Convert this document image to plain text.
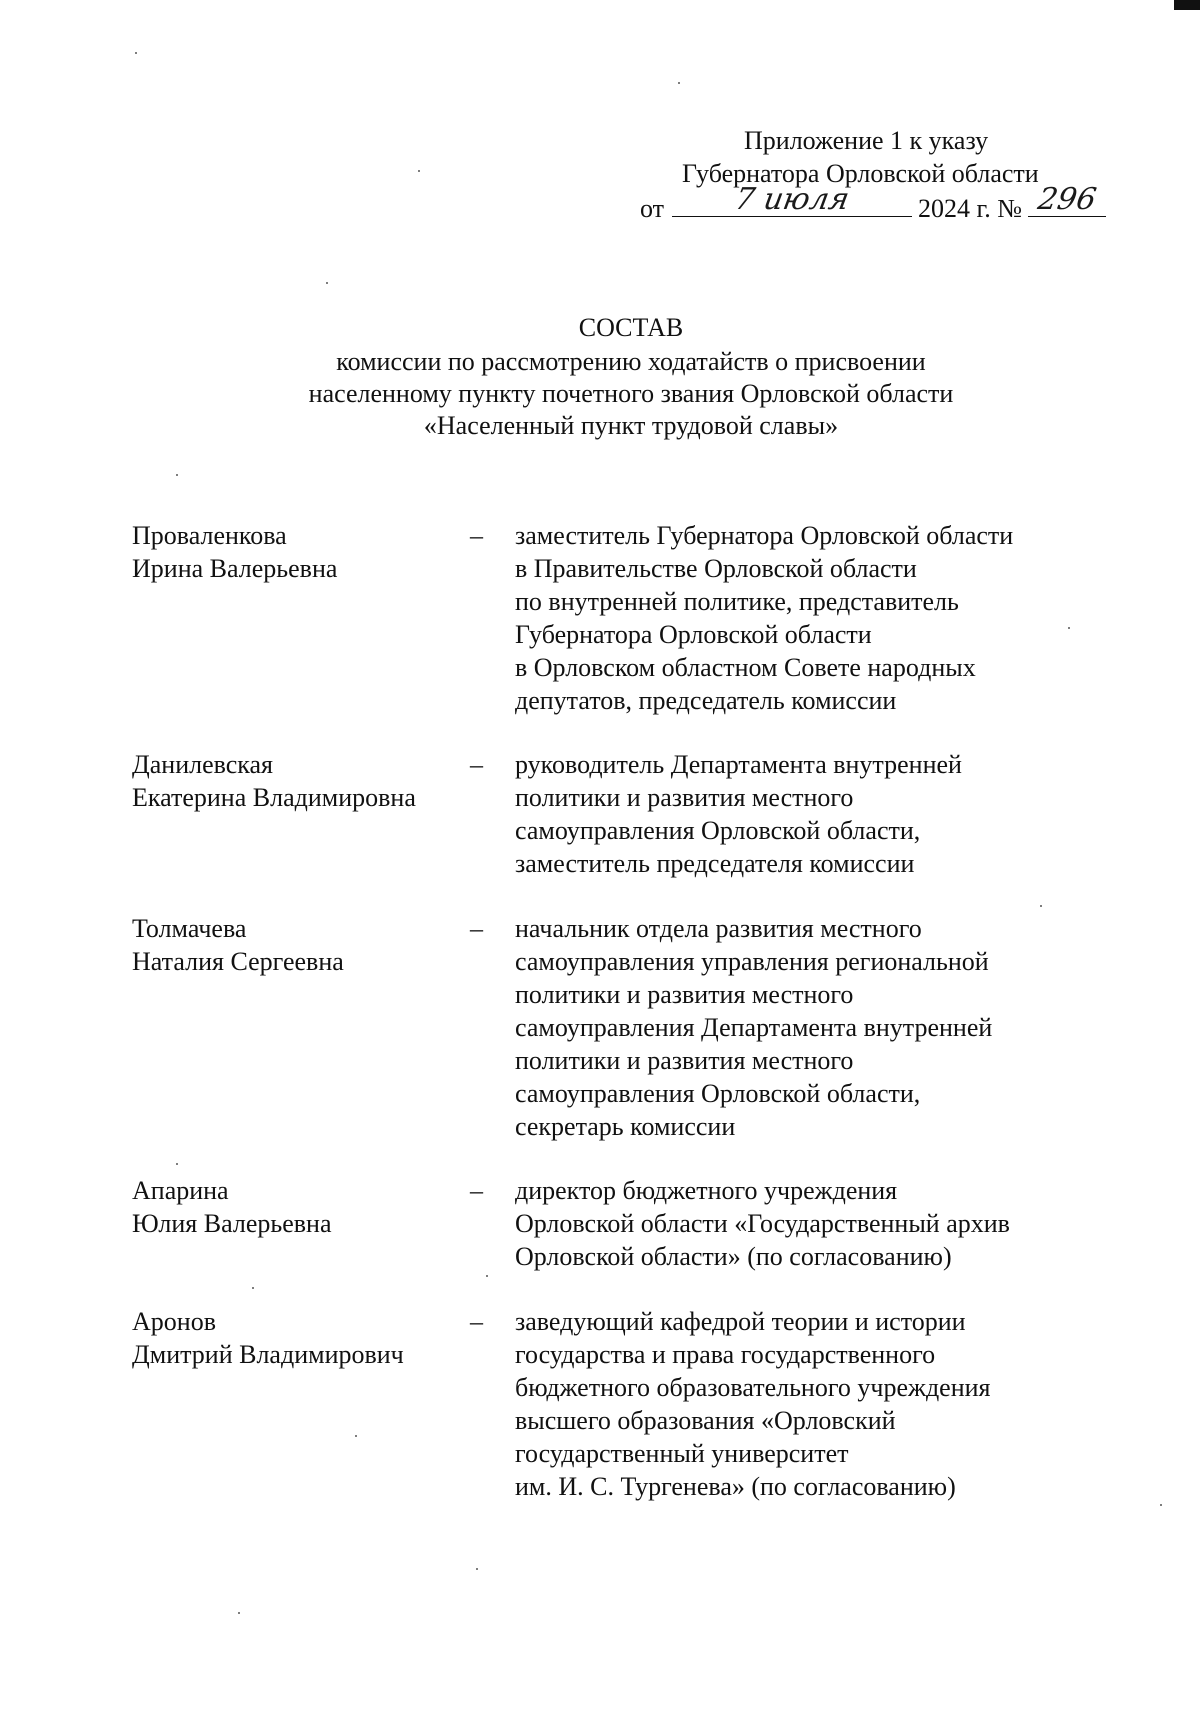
Приложение 1 к указу
Губернатора Орловской области
от	7 июля	2024 г. № 296
СОСТАВ
комиссии по рассмотрению ходатайств о присвоении
населенному пункту почетного звания Орловской области
«Населенный пункт трудовой славы»
Проваленкова
Ирина Валерьевна
– заместитель Губернатора Орловской области
в Правительстве Орловской области
по внутренней политике, представитель
Губернатора Орловской области
в Орловском областном Совете народных
депутатов, председатель комиссии
Данилевская
Екатерина Владимировна
– руководитель Департамента внутренней
политики и развития местного
самоуправления Орловской области,
заместитель председателя комиссии
Толмачева
Наталия Сергеевна
– начальник отдела развития местного
самоуправления управления региональной
политики и развития местного
самоуправления Департамента внутренней
политики и развития местного
самоуправления Орловской области,
секретарь комиссии
Апарина
Юлия Валерьевна
– директор бюджетного учреждения
Орловской области «Государственный архив
Орловской области» (по согласованию)
Аронов
Дмитрий Владимирович
– заведующий кафедрой теории и истории
государства и права государственного
бюджетного образовательного учреждения
высшего образования «Орловский
государственный университет
им. И. С. Тургенева» (по согласованию)
